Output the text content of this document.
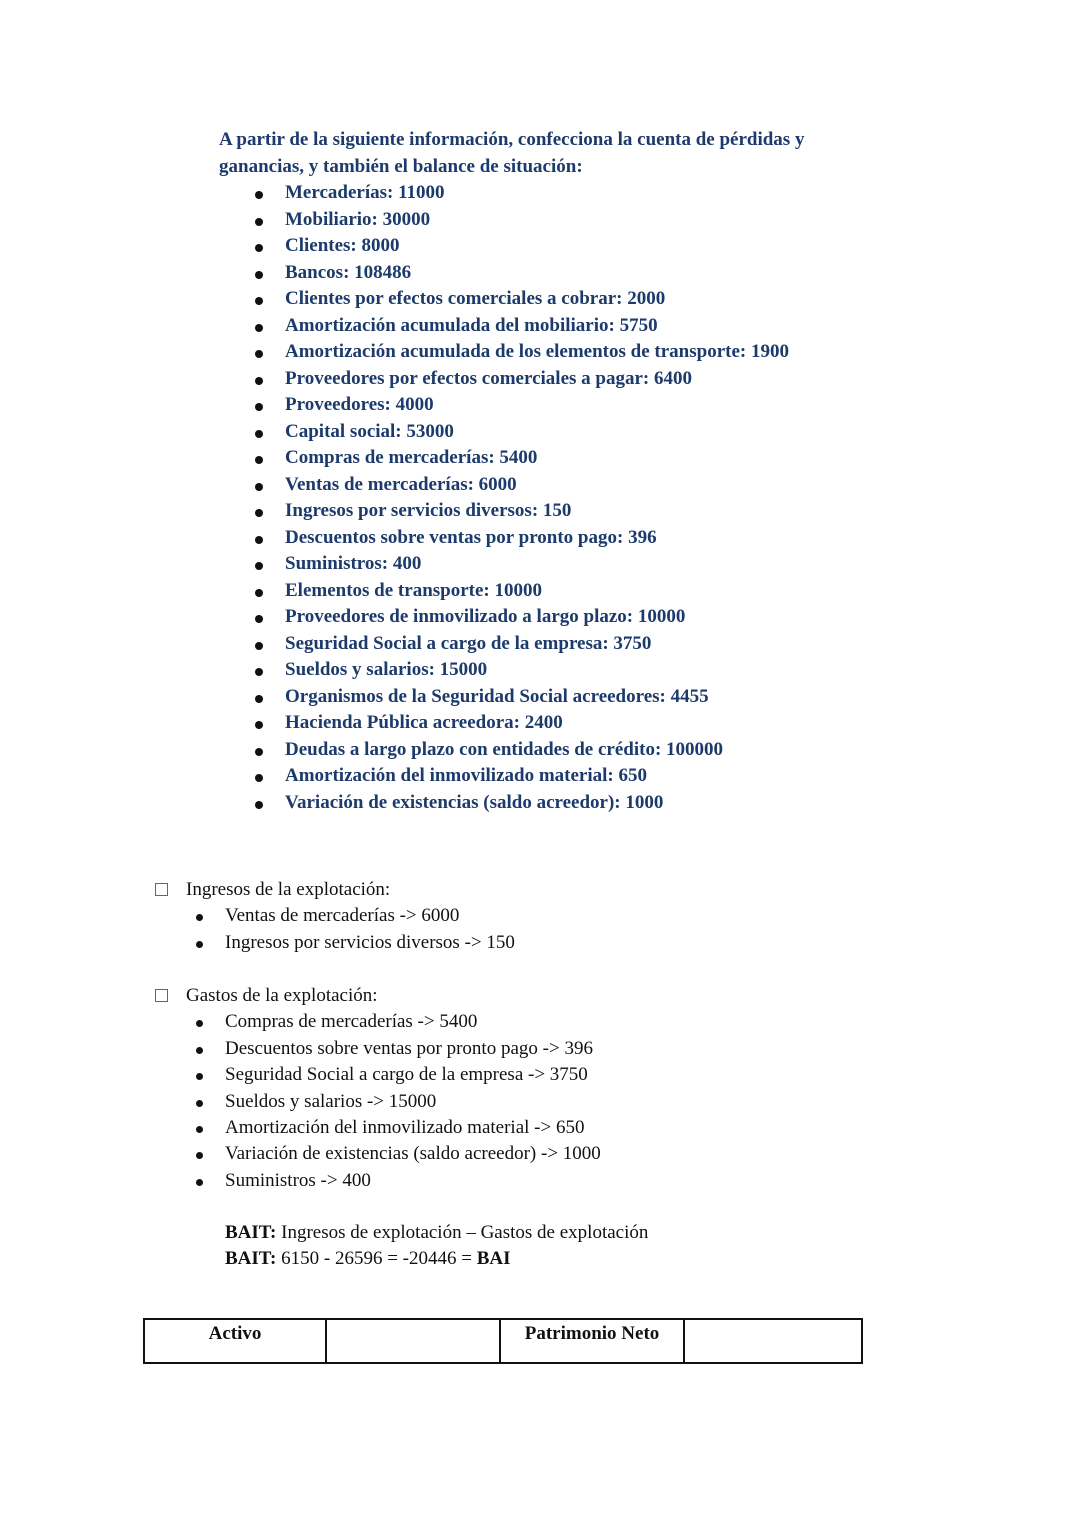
A partir de la siguiente información, confecciona la cuenta de pérdidas y

ganancias, y también el balance de situación:

Mercaderías: 11000
Mobiliario: 30000
Clientes: 8000
Bancos: 108486
Clientes por efectos comerciales a cobrar: 2000
Amortización acumulada del mobiliario: 5750
Amortización acumulada de los elementos de transporte: 1900
Proveedores por efectos comerciales a pagar: 6400
Proveedores: 4000
Capital social: 53000
Compras de mercaderías: 5400
Ventas de mercaderías: 6000
Ingresos por servicios diversos: 150
Descuentos sobre ventas por pronto pago: 396
Suministros: 400
Elementos de transporte: 10000
Proveedores de inmovilizado a largo plazo: 10000
Seguridad Social a cargo de la empresa: 3750
Sueldos y salarios: 15000
Organismos de la Seguridad Social acreedores: 4455
Hacienda Pública acreedora: 2400
Deudas a largo plazo con entidades de crédito: 100000
Amortización del inmovilizado material: 650
Variación de existencias (saldo acreedor): 1000
Ingresos de la explotación:
Ventas de mercaderías -> 6000
Ingresos por servicios diversos -> 150
Gastos de la explotación:
Compras de mercaderías -> 5400
Descuentos sobre ventas por pronto pago -> 396
Seguridad Social a cargo de la empresa -> 3750
Sueldos y salarios -> 15000
Amortización del inmovilizado material -> 650
Variación de existencias (saldo acreedor) -> 1000
Suministros -> 400

BAIT: Ingresos de explotación – Gastos de explotación

BAIT: 6150 - 26596 = -20446 = BAI

Activo		Patrimonio Neto
